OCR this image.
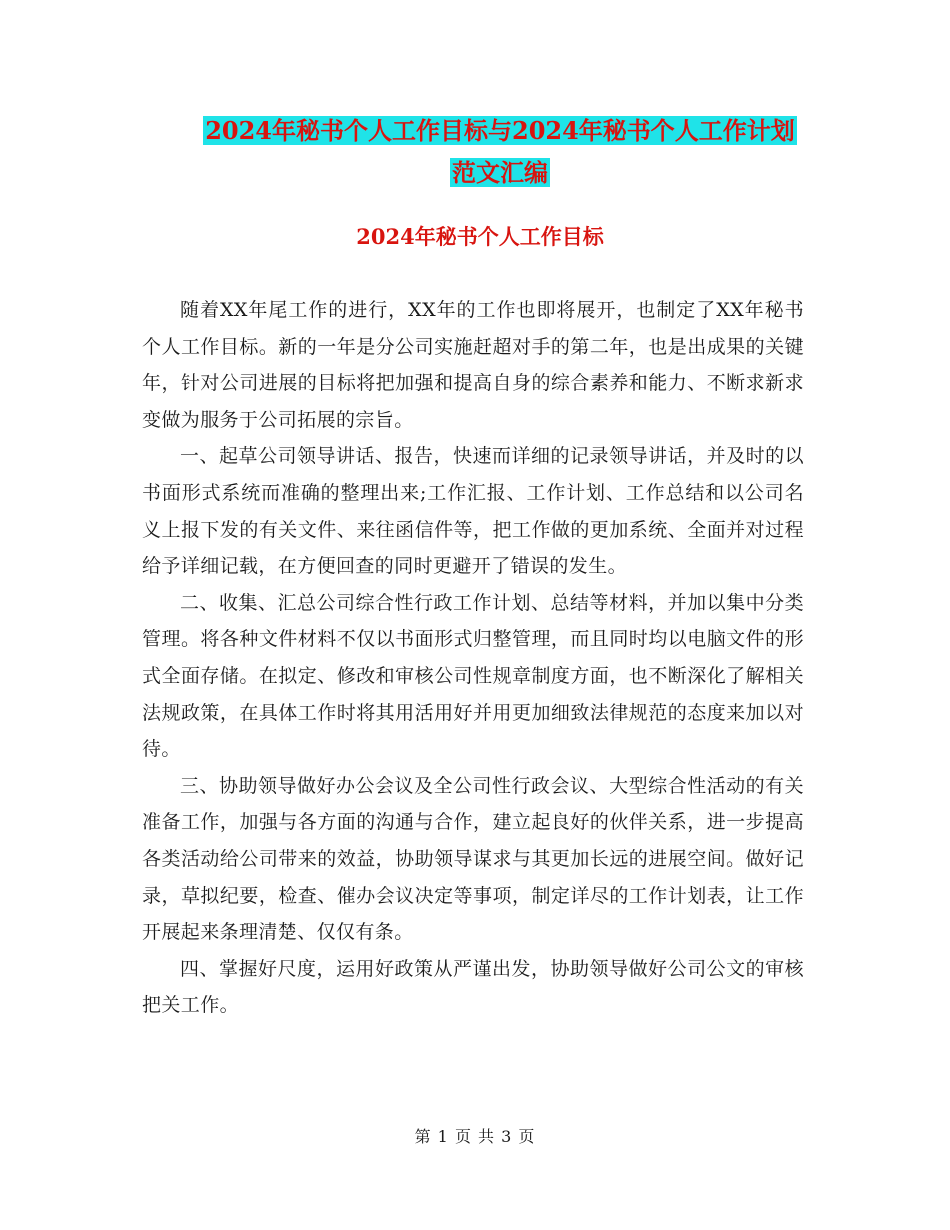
2024年秘书个人工作目标与2024年秘书个人工作计划
范文汇编
2024年秘书个人工作目标

随着XX年尾工作的进行，XX年的工作也即将展开，也制定了XX年秘书个人工作目标。新的一年是分公司实施赶超对手的第二年，也是出成果的关键年，针对公司进展的目标将把加强和提高自身的综合素养和能力、不断求新求变做为服务于公司拓展的宗旨。

一、起草公司领导讲话、报告，快速而详细的记录领导讲话，并及时的以书面形式系统而准确的整理出来;工作汇报、工作计划、工作总结和以公司名义上报下发的有关文件、来往函信件等，把工作做的更加系统、全面并对过程给予详细记载，在方便回查的同时更避开了错误的发生。

二、收集、汇总公司综合性行政工作计划、总结等材料，并加以集中分类管理。将各种文件材料不仅以书面形式归整管理，而且同时均以电脑文件的形式全面存储。在拟定、修改和审核公司性规章制度方面，也不断深化了解相关法规政策，在具体工作时将其用活用好并用更加细致法律规范的态度来加以对待。

三、协助领导做好办公会议及全公司性行政会议、大型综合性活动的有关准备工作，加强与各方面的沟通与合作，建立起良好的伙伴关系，进一步提高各类活动给公司带来的效益，协助领导谋求与其更加长远的进展空间。做好记录，草拟纪要，检查、催办会议决定等事项，制定详尽的工作计划表，让工作开展起来条理清楚、仅仅有条。

四、掌握好尺度，运用好政策从严谨出发，协助领导做好公司公文的审核把关工作。

第 1 页 共 3 页
